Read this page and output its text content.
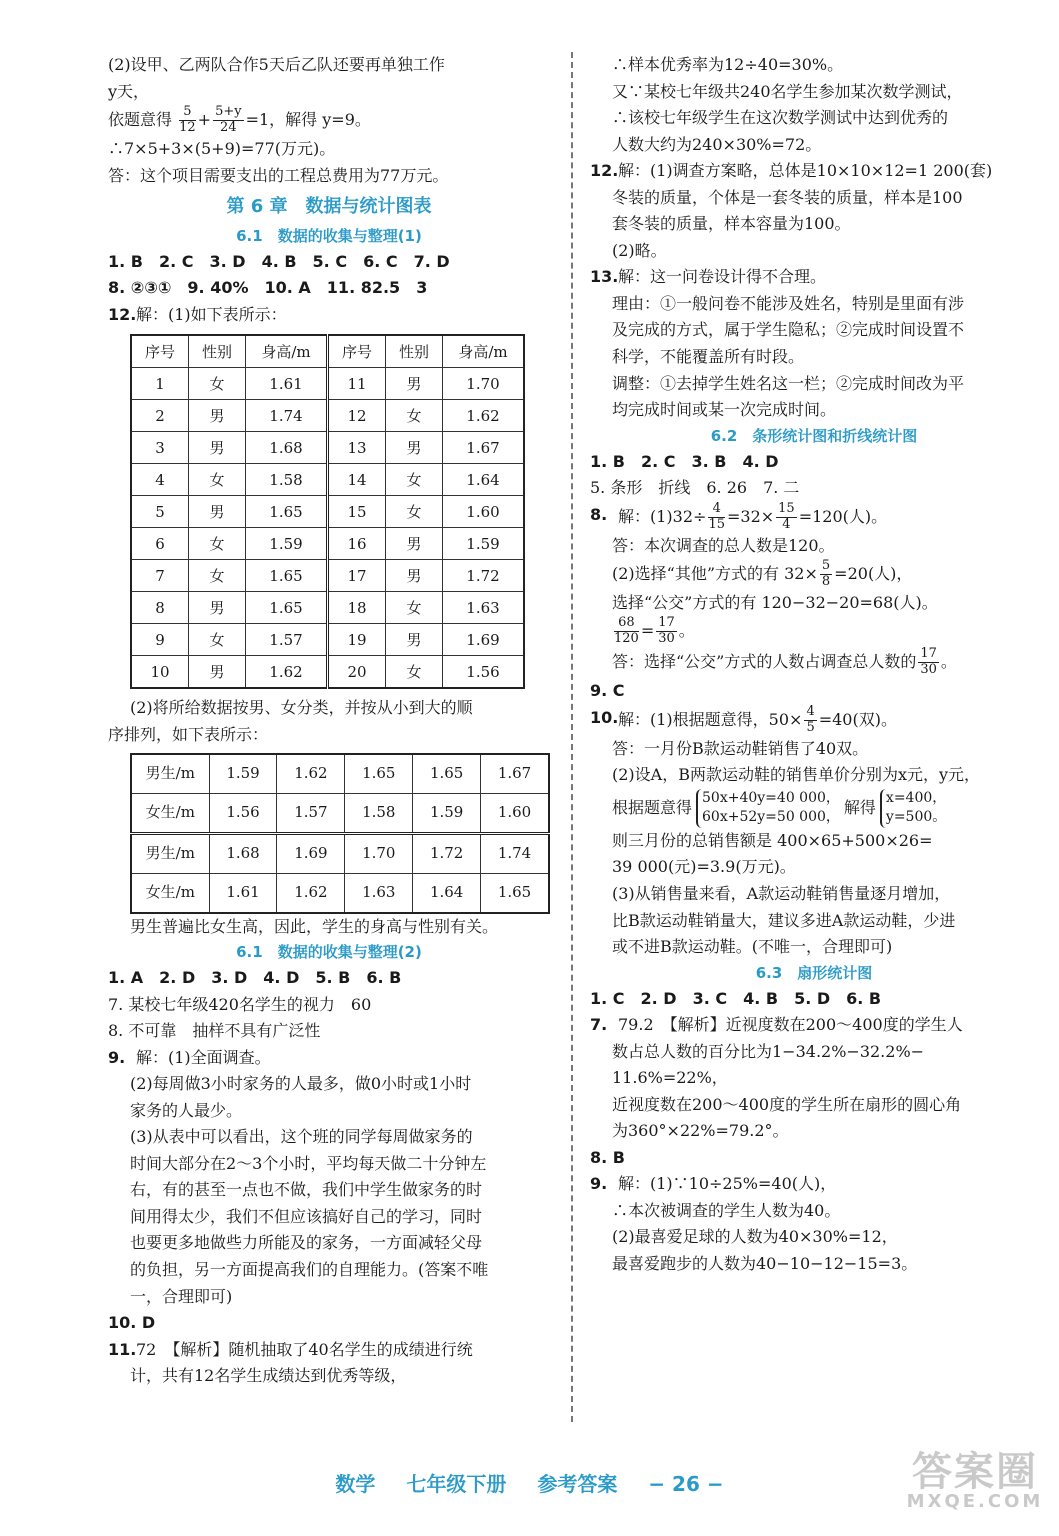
(2)设甲、乙两队合作5天后乙队还要再单独工作
y天，
依题意得 $\frac{5}{12} + \frac{5+y}{24} =1$，解得 y=9。
∴7×5+3×(5+9)=77(万元)。
答：这个项目需要支出的工程总费用为77万元。
第 6 章　数据与统计图表
6.1　数据的收集与整理(1)
1. B　2. C　3. D　4. B　5. C　6. C　7. D
8. ②③①　9. 40%　10. A　11. 82.5　3
12. 解：(1)如下表所示：
序号	性别	身高/m	序号	性别	身高/m
1	女	1.61	11	男	1.70
2	男	1.74	12	女	1.62
3	男	1.68	13	男	1.67
4	女	1.58	14	女	1.64
5	男	1.65	15	女	1.60
6	女	1.59	16	男	1.59
7	女	1.65	17	男	1.72
8	男	1.65	18	女	1.63
9	女	1.57	19	男	1.69
10	男	1.62	20	女	1.56
(2)将所给数据按男、女分类，并按从小到大的顺
序排列，如下表所示：
男生/m	1.59	1.62	1.65	1.65	1.67
女生/m	1.56	1.57	1.58	1.59	1.60
男生/m	1.68	1.69	1.70	1.72	1.74
女生/m	1.61	1.62	1.63	1.64	1.65
男生普遍比女生高，因此，学生的身高与性别有关。
6.1　数据的收集与整理(2)
1. A　2. D　3. D　4. D　5. B　6. B
7. 某校七年级420名学生的视力　60
8. 不可靠　抽样不具有广泛性
9. 解：(1)全面调查。
(2)每周做3小时家务的人最多，做0小时或1小时
家务的人最少。
(3)从表中可以看出，这个班的同学每周做家务的
时间大部分在2～3个小时，平均每天做二十分钟左
右，有的甚至一点也不做，我们中学生做家务的时
间用得太少，我们不但应该搞好自己的学习，同时
也要更多地做些力所能及的家务，一方面减轻父母
的负担，另一方面提高我们的自理能力。(答案不唯
一，合理即可)
10. D
11. 72　【解析】随机抽取了40名学生的成绩进行统
计，共有12名学生成绩达到优秀等级，
∴样本优秀率为12÷40=30%。
又∵某校七年级共240名学生参加某次数学测试，
∴该校七年级学生在这次数学测试中达到优秀的
人数大约为240×30%=72。
12. 解：(1)调查方案略，总体是10×10×12=1 200(套)
冬装的质量，个体是一套冬装的质量，样本是100
套冬装的质量，样本容量为100。
(2)略。
13. 解：这一问卷设计得不合理。
理由：①一般问卷不能涉及姓名，特别是里面有涉
及完成的方式，属于学生隐私；②完成时间设置不
科学，不能覆盖所有时段。
调整：①去掉学生姓名这一栏；②完成时间改为平
均完成时间或某一次完成时间。
6.2　条形统计图和折线统计图
1. B　2. C　3. B　4. D
5. 条形　折线　6. 26　7. 二
8. 解：$(1)32\div \frac{4}{15} =32\times \frac{15}{4} =120$(人)。
答：本次调查的总人数是120。
(2)选择“其他”方式的有 $32\times \frac{5}{8} =20$(人)，
选择“公交”方式的有 120−32−20=68(人)。
$\frac{68}{120} = \frac{17}{30}$ 。
答：选择“公交”方式的人数占调查总人数的 $\frac{17}{30}$ 。
9. C
10. 解：(1)根据题意得，$50\times \frac{4}{5} =40$(双)。
答：一月份B款运动鞋销售了40双。
(2)设A，B两款运动鞋的销售单价分别为x元，y元，
根据题意得
50x+40y=40 000，
60x+52y=50 000，
解得
x=400，
y=500。
则三月份的总销售额是 400×65+500×26=
39 000(元)=3.9(万元)。
(3)从销售量来看，A款运动鞋销售量逐月增加，
比B款运动鞋销量大，建议多进A款运动鞋，少进
或不进B款运动鞋。(不唯一，合理即可)
6.3　扇形统计图
1. C　2. D　3. C　4. B　5. D　6. B
7. 79.2　【解析】近视度数在200～400度的学生人
数占总人数的百分比为1−34.2%−32.2%−
11.6%=22%，
近视度数在200～400度的学生所在扇形的圆心角
为360°×22%=79.2°。
8. B
9. 解：(1)∵10÷25%=40(人)，
∴本次被调查的学生人数为40。
(2)最喜爱足球的人数为40×30%=12，
最喜爱跑步的人数为40−10−12−15=3。
数学 七年级下册 参考答案 − 26 −	答案圈
MXQE.COM
